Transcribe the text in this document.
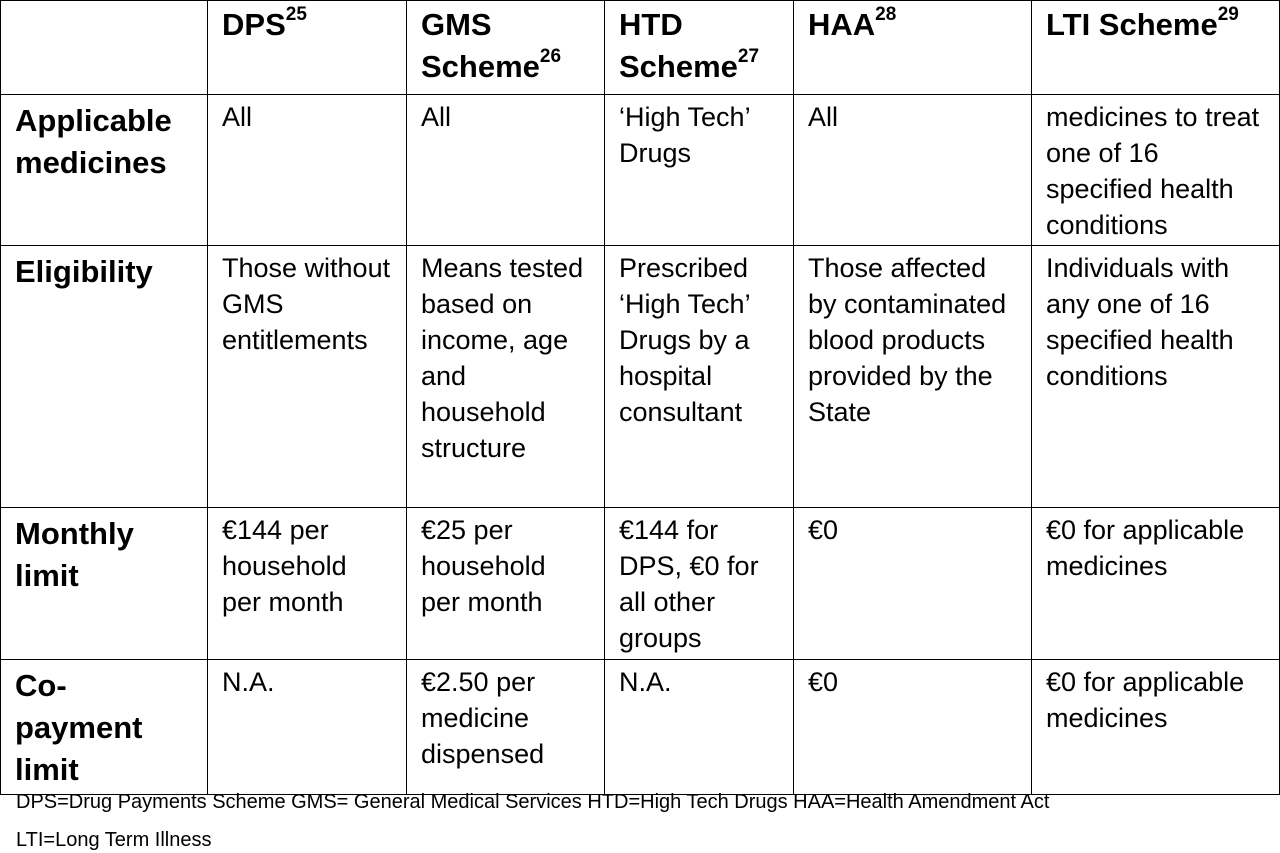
	DPS$^{25}$	GMS Scheme$^{26}$	HTD Scheme$^{27}$	HAA$^{28}$	LTI Scheme$^{29}$
Applicable medicines	All	All	‘High Tech’ Drugs	All	medicines to treat one of 16 specified health conditions
Eligibility	Those without GMS entitlements	Means tested based on income, age and household structure	Prescribed ‘High Tech’ Drugs by a hospital consultant	Those affected by contaminated blood products provided by the State	Individuals with any one of 16 specified health conditions
Monthly limit	€144 per household per month	€25 per household per month	€144 for DPS, €0 for all other groups	€0	€0 for applicable medicines
Co-payment limit	N.A.	€2.50 per medicine dispensed	N.A.	€0	€0 for applicable medicines
DPS=Drug Payments Scheme GMS= General Medical Services HTD=High Tech Drugs HAA=Health Amendment Act
LTI=Long Term Illness
